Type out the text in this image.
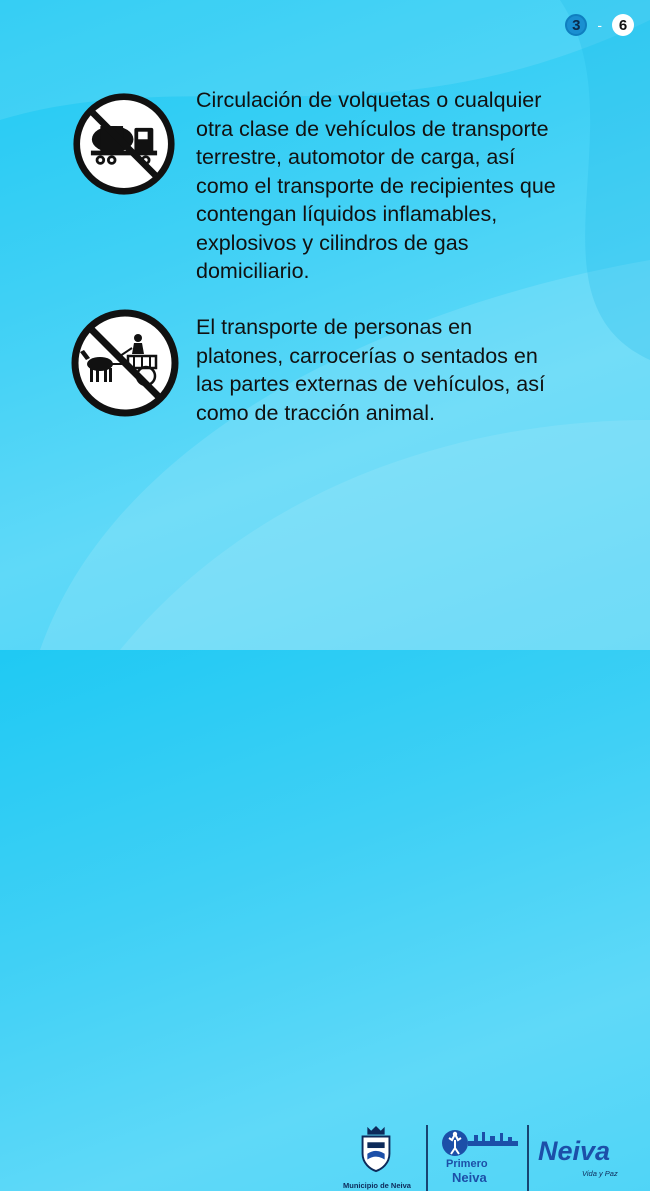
3	-	6
Circulación de volquetas o cualquier otra clase de vehículos de transporte terrestre, automotor de carga, así como el transporte de recipientes que contengan líquidos inflamables, explosivos y cilindros de gas domiciliario.
El transporte de personas en platones, carrocerías o sentados en las partes externas de vehículos, así como de tracción animal.
Municipio de Neiva
Primero
Neiva
Neiva
Vida y Paz
